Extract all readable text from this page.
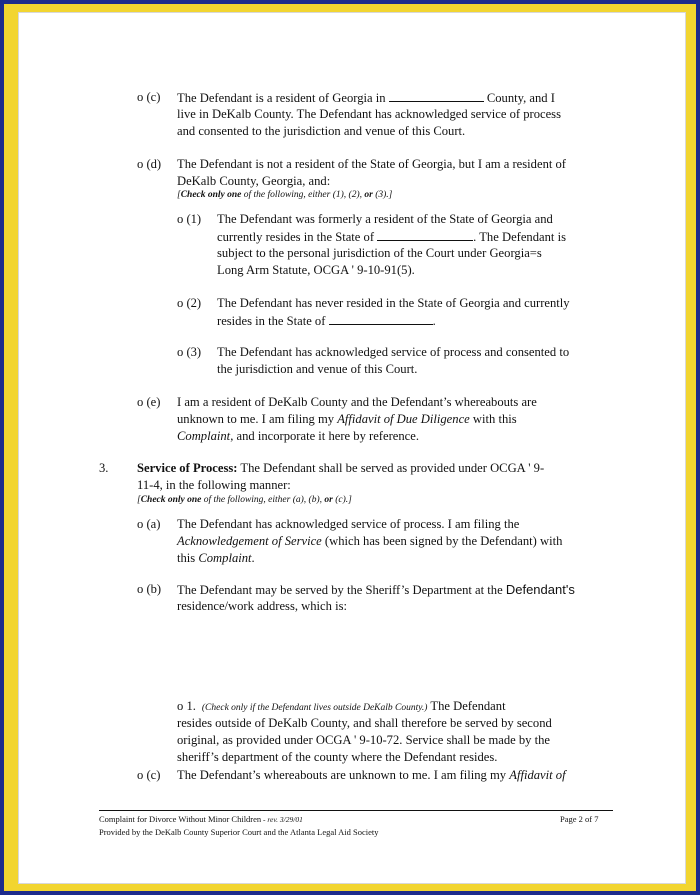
o (c) The Defendant is a resident of Georgia in	County, and I
live in DeKalb County. The Defendant has acknowledged service of process
and consented to the jurisdiction and venue of this Court.
o (d) The Defendant is not a resident of the State of Georgia, but I am a resident of
DeKalb County, Georgia, and:
[Check only one of the following, either (1), (2), or (3).]
o (1) The Defendant was formerly a resident of the State of Georgia and
currently resides in the State of	. The Defendant is
subject to the personal jurisdiction of the Court under Georgia=s
Long Arm Statute, OCGA ' 9-10-91(5).
o (2) The Defendant has never resided in the State of Georgia and currently
resides in the State of	.
o (3) The Defendant has acknowledged service of process and consented to
the jurisdiction and venue of this Court.
o (e) I am a resident of DeKalb County and the Defendant’s whereabouts are
unknown to me. I am filing my Affidavit of Due Diligence with this
Complaint, and incorporate it here by reference.
3. Service of Process: The Defendant shall be served as provided under OCGA ' 9-
11-4, in the following manner:
[Check only one of the following, either (a), (b), or (c).]
o (a) The Defendant has acknowledged service of process. I am filing the
Acknowledgement of Service (which has been signed by the Defendant) with
this Complaint.
o (b) The Defendant may be served by the Sheriff’s Department at the Defendant's
residence/work address, which is:
o 1. (Check only if the Defendant lives outside DeKalb County.) The Defendant
resides outside of DeKalb County, and shall therefore be served by second
original, as provided under OCGA ' 9-10-72. Service shall be made by the
sheriff’s department of the county where the Defendant resides.
o (c) The Defendant’s whereabouts are unknown to me. I am filing my Affidavit of
Complaint for Divorce Without Minor Children - rev. 3/29/01	Page 2 of 7
Provided by the DeKalb County Superior Court and the Atlanta Legal Aid Society
